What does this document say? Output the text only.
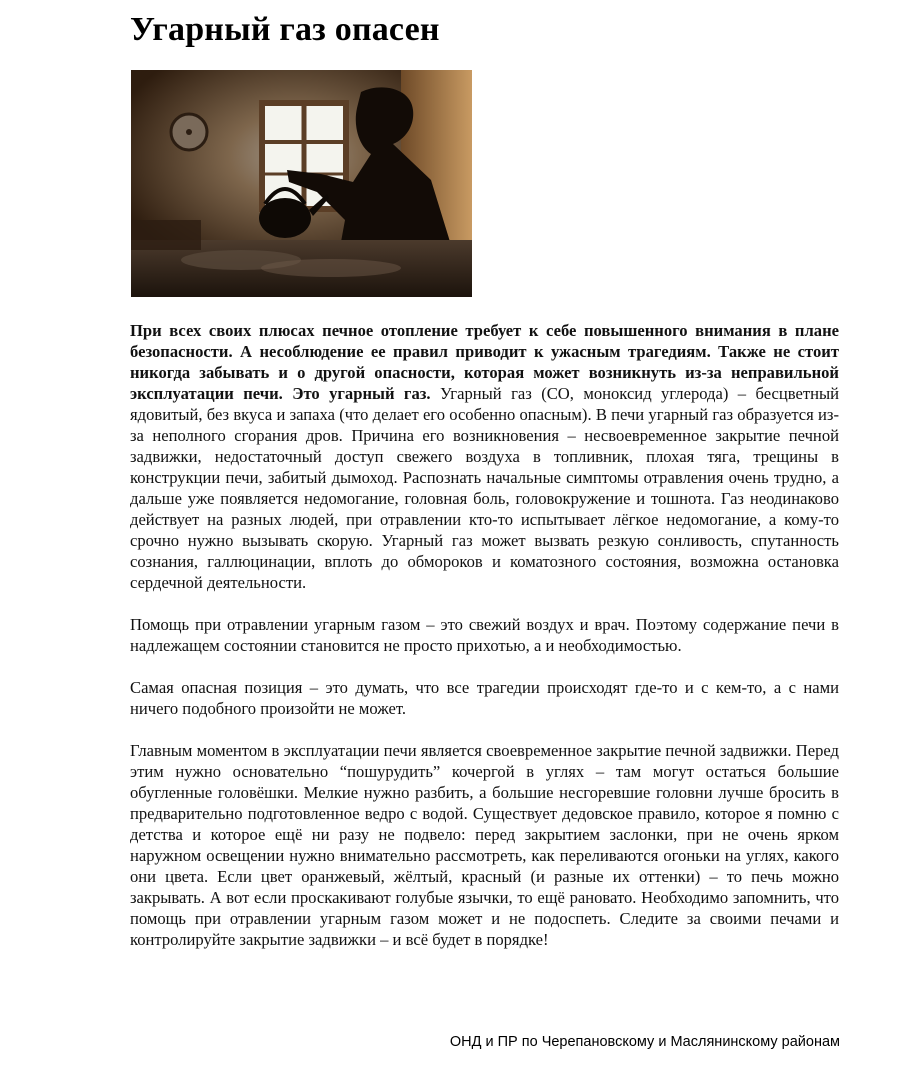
Угарный газ опасен

При всех своих плюсах печное отопление требует к себе повышенного внимания в плане безопасности. А несоблюдение ее правил приводит к ужасным трагедиям. Также не стоит никогда забывать и о другой опасности, которая может возникнуть из-за неправильной эксплуатации печи. Это угарный газ. Угарный газ (СО, моноксид углерода) – бесцветный ядовитый, без вкуса и запаха (что делает его особенно опасным). В печи угарный газ образуется из-за неполного сгорания дров. Причина его возникновения – несвоевременное закрытие печной задвижки, недостаточный доступ свежего воздуха в топливник, плохая тяга, трещины в конструкции печи, забитый дымоход. Распознать начальные симптомы отравления очень трудно, а дальше уже появляется недомогание, головная боль, головокружение и тошнота. Газ неодинаково действует на разных людей, при отравлении кто-то испытывает лёгкое недомогание, а кому-то срочно нужно вызывать скорую. Угарный газ может вызвать резкую сонливость, спутанность сознания, галлюцинации, вплоть до обмороков и коматозного состояния, возможна остановка сердечной деятельности.

Помощь при отравлении угарным газом – это свежий воздух и врач. Поэтому содержание печи в надлежащем состоянии становится не просто прихотью, а и необходимостью.

Самая опасная позиция – это думать, что все трагедии происходят где-то и с кем-то, а с нами ничего подобного произойти не может.

Главным моментом в эксплуатации печи является своевременное закрытие печной задвижки. Перед этим нужно основательно “пошурудить” кочергой в углях – там могут остаться большие обугленные головёшки. Мелкие нужно разбить, а большие несгоревшие головни лучше бросить в предварительно подготовленное ведро с водой. Существует дедовское правило, которое я помню с детства и которое ещё ни разу не подвело: перед закрытием заслонки, при не очень ярком наружном освещении нужно внимательно рассмотреть, как переливаются огоньки на углях, какого они цвета. Если цвет оранжевый, жёлтый, красный (и разные их оттенки) – то печь можно закрывать. А вот если проскакивают голубые язычки, то ещё рановато. Необходимо запомнить, что помощь при отравлении угарным газом может и не подоспеть. Следите за своими печами и контролируйте закрытие задвижки – и всё будет в порядке!

ОНД и ПР по Черепановскому и Маслянинскому районам
